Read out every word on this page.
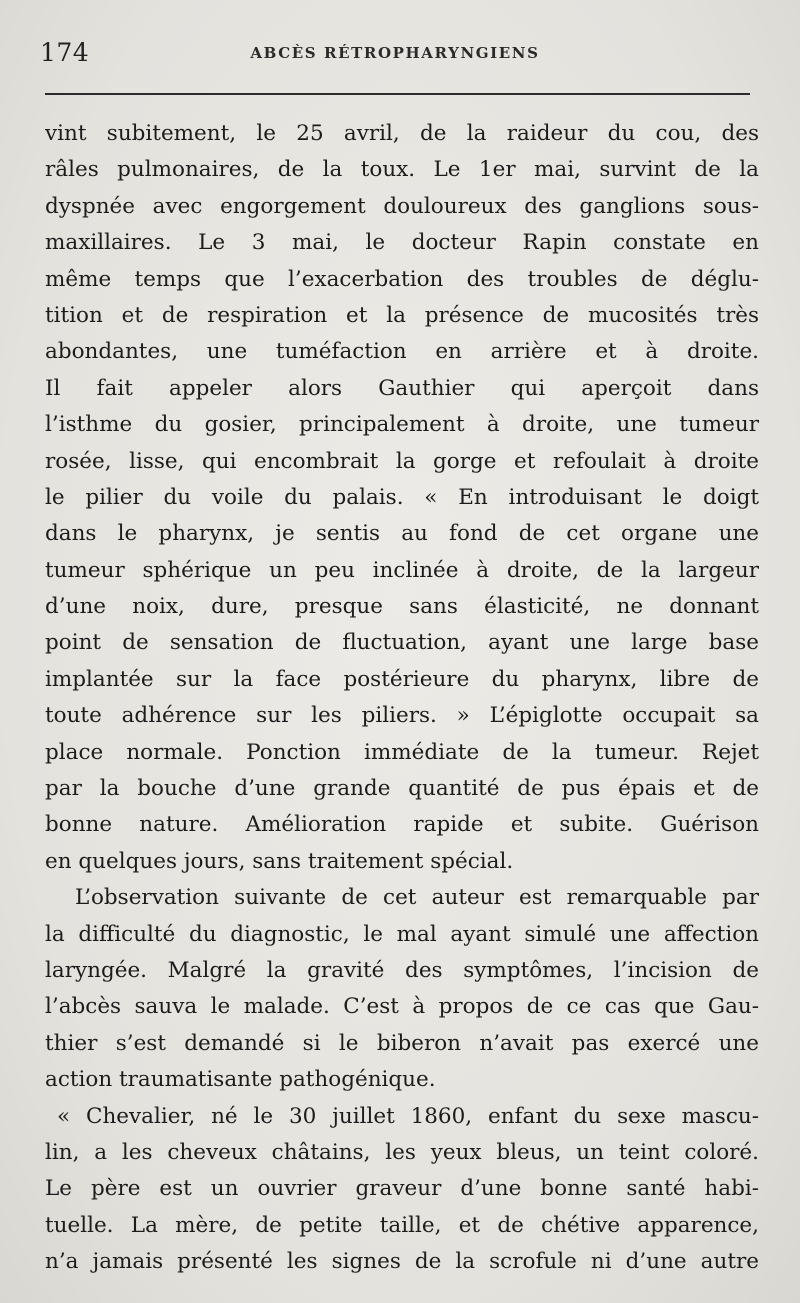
174	ABCÈS RÉTROPHARYNGIENS
vint subitement, le 25 avril, de la raideur du cou, des
râles pulmonaires, de la toux. Le 1er mai, survint de la
dyspnée avec engorgement douloureux des ganglions sous-
maxillaires. Le 3 mai, le docteur Rapin constate en
même temps que l’exacerbation des troubles de déglu-
tition et de respiration et la présence de mucosités très
abondantes, une tuméfaction en arrière et à droite.
Il fait appeler alors Gauthier qui aperçoit dans
l’isthme du gosier, principalement à droite, une tumeur
rosée, lisse, qui encombrait la gorge et refoulait à droite
le pilier du voile du palais. « En introduisant le doigt
dans le pharynx, je sentis au fond de cet organe une
tumeur sphérique un peu inclinée à droite, de la largeur
d’une noix, dure, presque sans élasticité, ne donnant
point de sensation de fluctuation, ayant une large base
implantée sur la face postérieure du pharynx, libre de
toute adhérence sur les piliers. » L’épiglotte occupait sa
place normale. Ponction immédiate de la tumeur. Rejet
par la bouche d’une grande quantité de pus épais et de
bonne nature. Amélioration rapide et subite. Guérison
en quelques jours, sans traitement spécial.
L’observation suivante de cet auteur est remarquable par
la difficulté du diagnostic, le mal ayant simulé une affection
laryngée. Malgré la gravité des symptômes, l’incision de
l’abcès sauva le malade. C’est à propos de ce cas que Gau-
thier s’est demandé si le biberon n’avait pas exercé une
action traumatisante pathogénique.
« Chevalier, né le 30 juillet 1860, enfant du sexe mascu-
lin, a les cheveux châtains, les yeux bleus, un teint coloré.
Le père est un ouvrier graveur d’une bonne santé habi-
tuelle. La mère, de petite taille, et de chétive apparence,
n’a jamais présenté les signes de la scrofule ni d’une autre
